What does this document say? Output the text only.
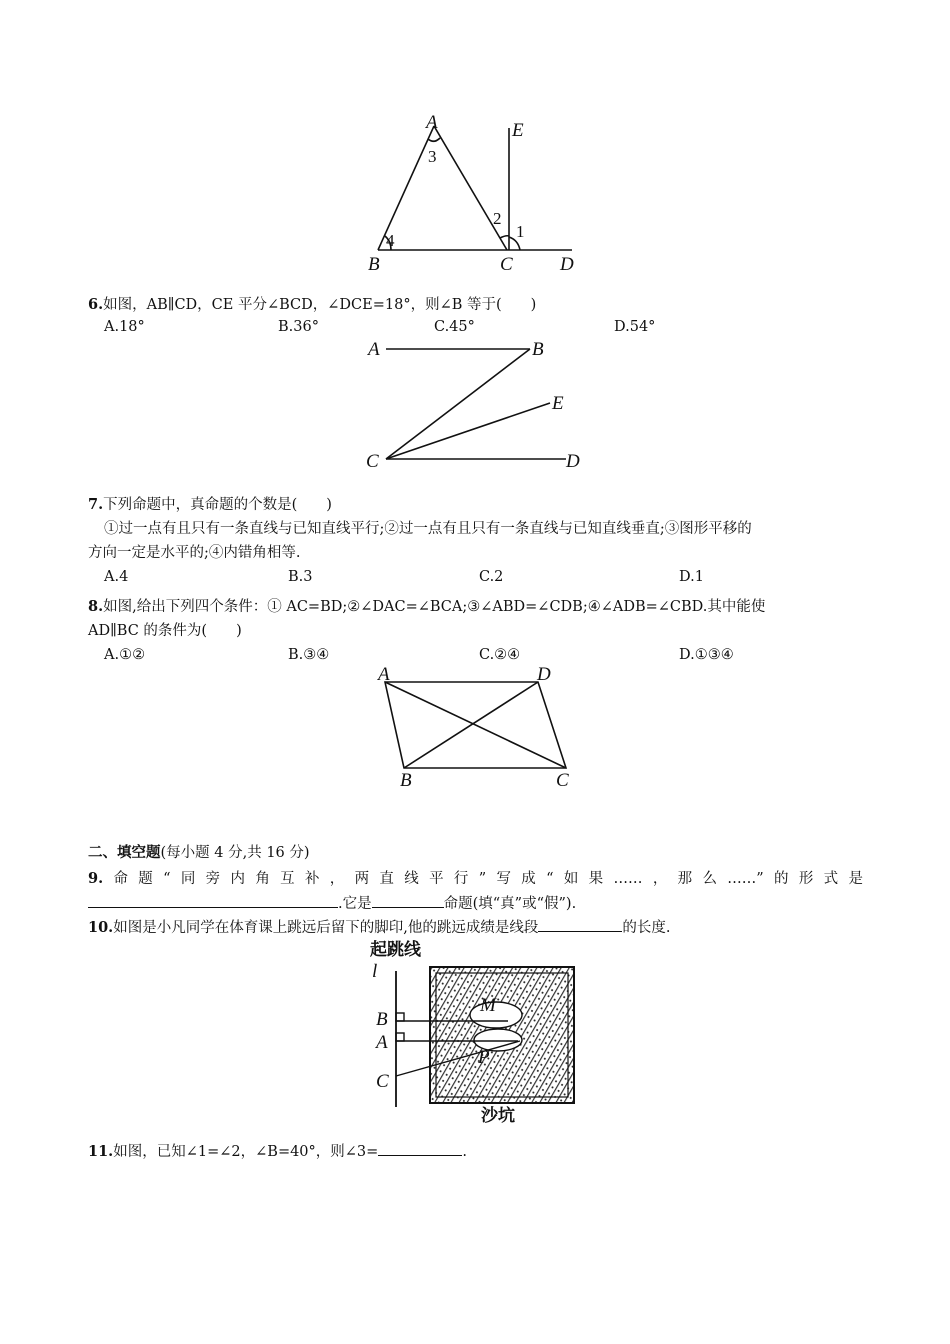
A	E
3
2
1
4
B	C D
6.如图，AB∥CD，CE 平分∠BCD，∠DCE=18°，则∠B 等于(　　)
A.18°	B.36°	C.45°	D.54°
A	B
E
C	D
7.下列命题中，真命题的个数是(　　)
①过一点有且只有一条直线与已知直线平行;②过一点有且只有一条直线与已知直线垂直;③图形平移的
方向一定是水平的;④内错角相等.
A.4	B.3	C.2	D.1
8.如图,给出下列四个条件：① AC=BD;②∠DAC=∠BCA;③∠ABD=∠CDB;④∠ADB=∠CBD.其中能使
AD∥BC 的条件为(　　)
A.①②	B.③④	C.②④	D.①③④
A	D
B	C
二、填空题(每小题 4 分,共 16 分)
9.命题“同旁内角互补，两直线平行”写成“如果……，那么……”的形式是
.它是	命题(填“真”或“假”).
10.如图是小凡同学在体育课上跳远后留下的脚印,他的跳远成绩是线段	的长度.
起跳线
l
M
P
B
A
C
沙坑
11.如图，已知∠1=∠2，∠B=40°，则∠3=	.
